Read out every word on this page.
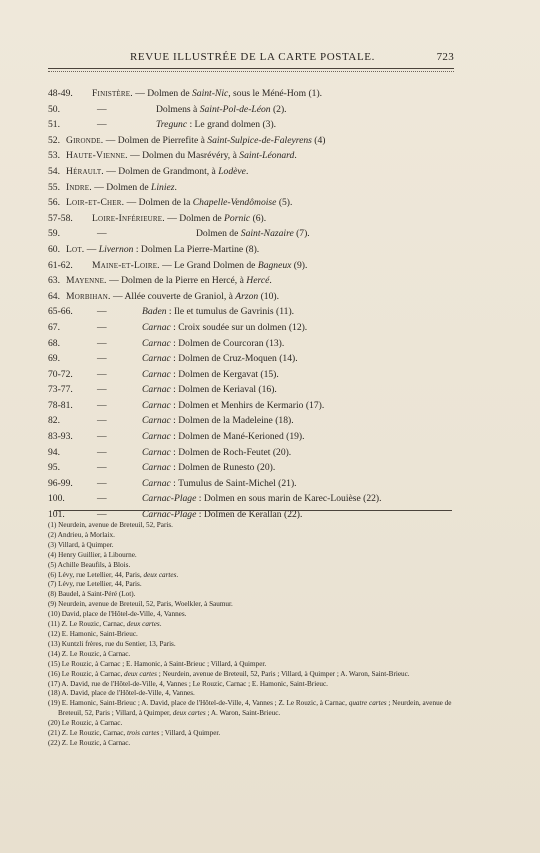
REVUE ILLUSTRÉE DE LA CARTE POSTALE.	723
48-49. Finistère. — Dolmen de Saint-Nic, sous le Méné-Hom (1).
50.	—	Dolmens à Saint-Pol-de-Léon (2).
51.	—	Tregunc : Le grand dolmen (3).
52. Gironde. — Dolmen de Pierrefite à Saint-Sulpice-de-Faleyrens (4)
53. Haute-Vienne. — Dolmen du Masrévéry, à Saint-Léonard.
54. Hérault. — Dolmen de Grandmont, à Lodève.
55. Indre. — Dolmen de Liniez.
56. Loir-et-Cher. — Dolmen de la Chapelle-Vendômoise (5).
57-58. Loire-Inférieure. — Dolmen de Pornic (6).
59.	—	Dolmen de Saint-Nazaire (7).
60. Lot. — Livernon : Dolmen La Pierre-Martine (8).
61-62. Maine-et-Loire. — Le Grand Dolmen de Bagneux (9).
63. Mayenne. — Dolmen de la Pierre en Hercé, à Hercé.
64. Morbihan. — Allée couverte de Graniol, à Arzon (10).
65-66.	—	Baden : Ile et tumulus de Gavrinis (11).
67.	—	Carnac : Croix soudée sur un dolmen (12).
68.	—	Carnac : Dolmen de Courcoran (13).
69.	—	Carnac : Dolmen de Cruz-Moquen (14).
70-72.	—	Carnac : Dolmen de Kergavat (15).
73-77.	—	Carnac : Dolmen de Keriaval (16).
78-81.	—	Carnac : Dolmen et Menhirs de Kermario (17).
82.	—	Carnac : Dolmen de la Madeleine (18).
83-93.	—	Carnac : Dolmen de Mané-Kerioned (19).
94.	—	Carnac : Dolmen de Roch-Feutet (20).
95.	—	Carnac : Dolmen de Runesto (20).
96-99.	—	Carnac : Tumulus de Saint-Michel (21).
100.	—	Carnac-Plage : Dolmen en sous marin de Karec-Louièse (22).
101.	—	Carnac-Plage : Dolmen de Kerallan (22).
(1) Neurdein, avenue de Breteuil, 52, Paris.
(2) Andrieu, à Morlaix.
(3) Villard, à Quimper.
(4) Henry Guillier, à Libourne.
(5) Achille Beaufils, à Blois.
(6) Lévy, rue Letellier, 44, Paris, deux cartes.
(7) Lévy, rue Letellier, 44, Paris.
(8) Baudel, à Saint-Péré (Lot).
(9) Neurdein, avenue de Breteuil, 52, Paris, Woelkler, à Saumur.
(10) David, place de l'Hôtel-de-Ville, 4, Vannes.
(11) Z. Le Rouzic, Carnac, deux cartes.
(12) E. Hamonic, Saint-Brieuc.
(13) Kuntzli frères, rue du Sentier, 13, Paris.
(14) Z. Le Rouzic, à Carnac.
(15) Le Rouzic, à Carnac ; E. Hamonic, à Saint-Brieuc ; Villard, à Quimper.
(16) Le Rouzic, à Carnac, deux cartes ; Neurdein, avenue de Breteuil, 52, Paris ; Villard, à Quimper ; A. Waron, Saint-Brieuc.
(17) A. David, rue de l'Hôtel-de-Ville, 4, Vannes ; Le Rouzic, Carnac ; E. Hamonic, Saint-Brieuc.
(18) A. David, place de l'Hôtel-de-Ville, 4, Vannes.
(19) E. Hamonic, Saint-Brieuc ; A. David, place de l'Hôtel-de-Ville, 4, Vannes ; Z. Le Rouzic, à Carnac, quatre cartes ; Neurdein, avenue de Breteuil, 52, Paris ; Villard, à Quimper, deux cartes ; A. Waron, Saint-Brieuc.
(20) Le Rouzic, à Carnac.
(21) Z. Le Rouzic, Carnac, trois cartes ; Villard, à Quimper.
(22) Z. Le Rouzic, à Carnac.
